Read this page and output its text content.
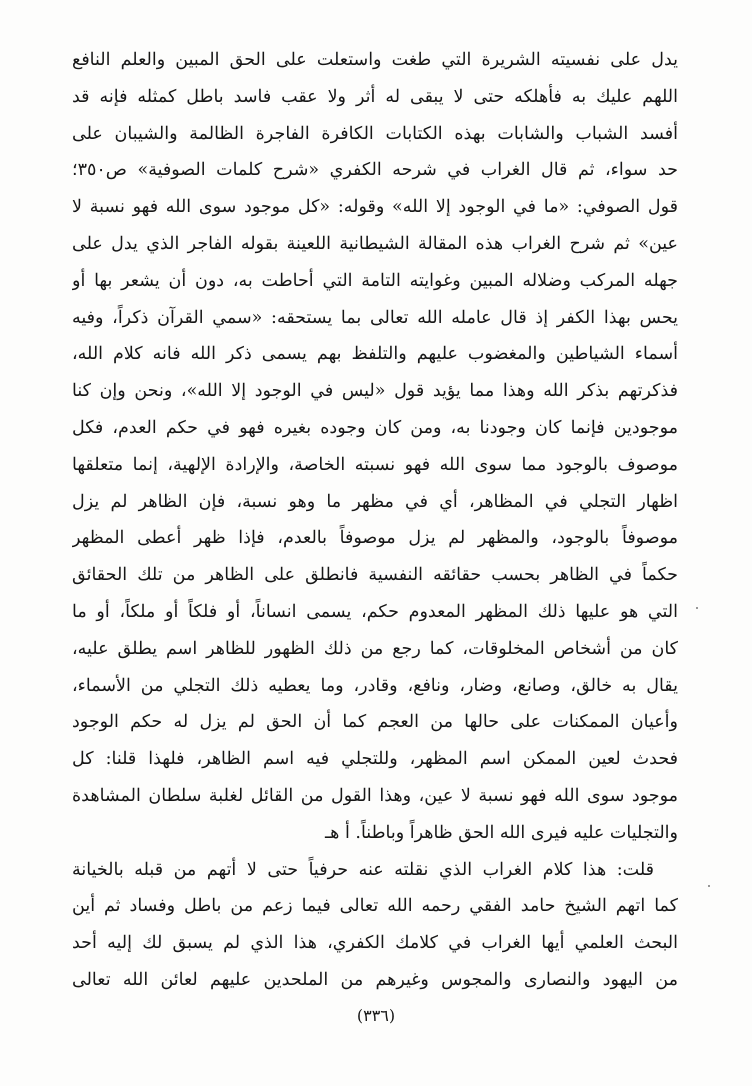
يدل على نفسيته الشريرة التي طغت واستعلت على الحق المبين والعلم النافع
اللهم عليك به فأهلكه حتى لا يبقى له أثر ولا عقب فاسد باطل كمثله فإنه قد
أفسد الشباب والشابات بهذه الكتابات الكافرة الفاجرة الظالمة والشيبان على
حد سواء، ثم قال الغراب في شرحه الكفري «شرح كلمات الصوفية» ص٣٥٠؛
قول الصوفي: «ما في الوجود إلا الله» وقوله: «كل موجود سوى الله فهو نسبة لا
عين» ثم شرح الغراب هذه المقالة الشيطانية اللعينة بقوله الفاجر الذي يدل على
جهله المركب وضلاله المبين وغوايته التامة التي أحاطت به، دون أن يشعر بها أو
يحس بهذا الكفر إذ قال عامله الله تعالى بما يستحقه: «سمي القرآن ذكراً، وفيه
أسماء الشياطين والمغضوب عليهم والتلفظ بهم يسمى ذكر الله فانه كلام الله،
فذكرتهم بذكر الله وهذا مما يؤيد قول «ليس في الوجود إلا الله»، ونحن وإن كنا
موجودين فإنما كان وجودنا به، ومن كان وجوده بغيره فهو في حكم العدم، فكل
موصوف بالوجود مما سوى الله فهو نسبته الخاصة، والإرادة الإلهية، إنما متعلقها
اظهار التجلي في المظاهر، أي في مظهر ما وهو نسبة، فإن الظاهر لم يزل
موصوفاً بالوجود، والمظهر لم يزل موصوفاً بالعدم، فإذا ظهر أعطى المظهر
حكماً في الظاهر بحسب حقائقه النفسية فانطلق على الظاهر من تلك الحقائق
التي هو عليها ذلك المظهر المعدوم حكم، يسمى انساناً، أو فلكاً أو ملكاً، أو ما
كان من أشخاص المخلوقات، كما رجع من ذلك الظهور للظاهر اسم يطلق عليه،
يقال به خالق، وصانع، وضار، ونافع، وقادر، وما يعطيه ذلك التجلي من الأسماء،
وأعيان الممكنات على حالها من العجم كما أن الحق لم يزل له حكم الوجود
فحدث لعين الممكن اسم المظهر، وللتجلي فيه اسم الظاهر، فلهذا قلنا: كل
موجود سوى الله فهو نسبة لا عين، وهذا القول من القائل لغلبة سلطان المشاهدة
والتجليات عليه فيرى الله الحق ظاهراً وباطناً. أ هـ
قلت: هذا كلام الغراب الذي نقلته عنه حرفياً حتى لا أتهم من قبله بالخيانة
كما اتهم الشيخ حامد الفقي رحمه الله تعالى فيما زعم من باطل وفساد ثم أين
البحث العلمي أيها الغراب في كلامك الكفري، هذا الذي لم يسبق لك إليه أحد
من اليهود والنصارى والمجوس وغيرهم من الملحدين عليهم لعائن الله تعالى
(٣٣٦)
